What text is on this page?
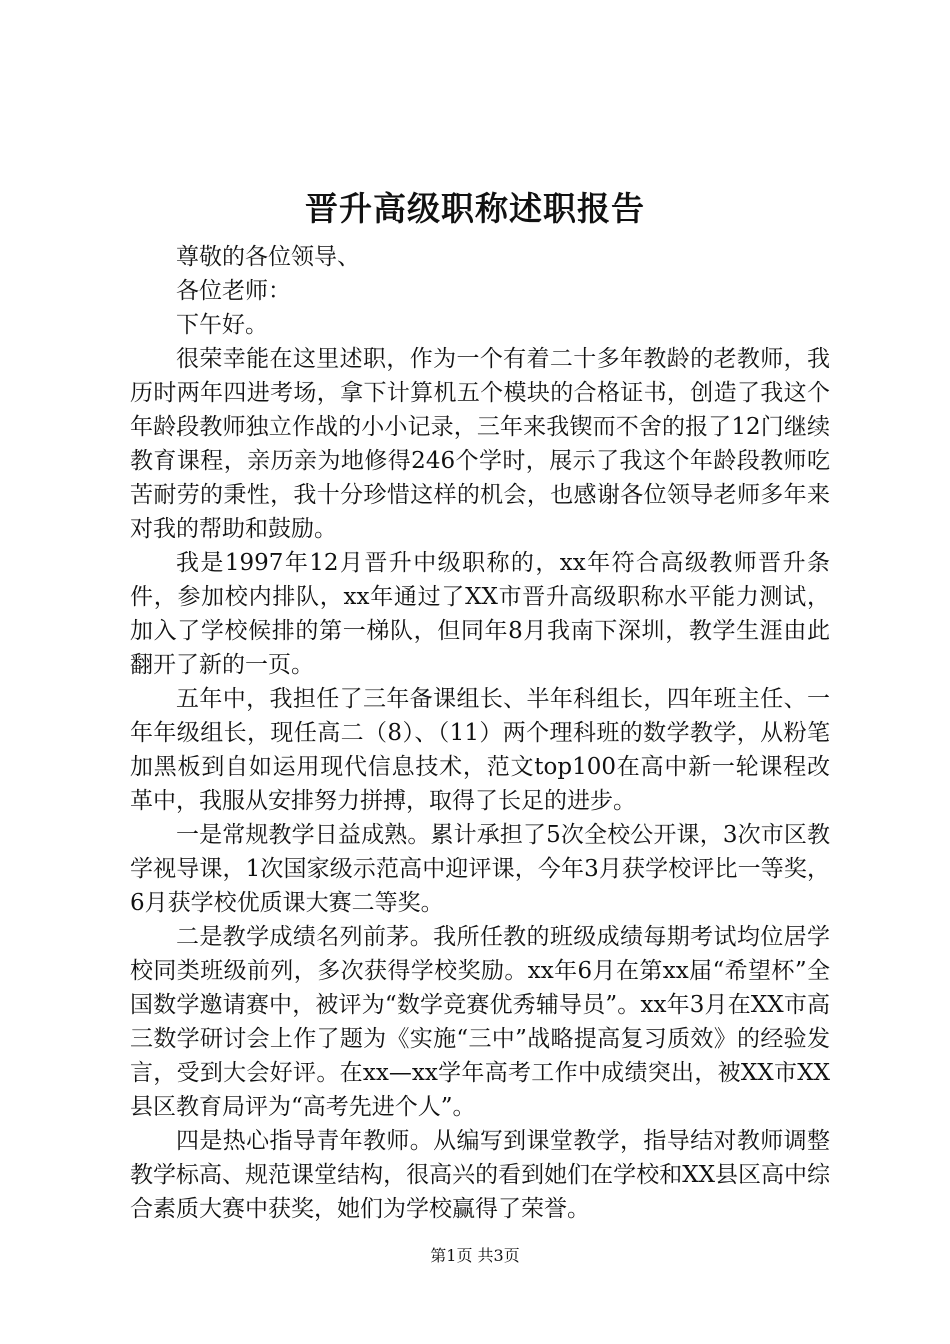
晋升高级职称述职报告

尊敬的各位领导、

各位老师：

下午好。

很荣幸能在这里述职，作为一个有着二十多年教龄的老教师，我历时两年四进考场，拿下计算机五个模块的合格证书，创造了我这个年龄段教师独立作战的小小记录，三年来我锲而不舍的报了12门继续教育课程，亲历亲为地修得246个学时，展示了我这个年龄段教师吃苦耐劳的秉性，我十分珍惜这样的机会，也感谢各位领导老师多年来对我的帮助和鼓励。

我是1997年12月晋升中级职称的，xx年符合高级教师晋升条件，参加校内排队，xx年通过了XX市晋升高级职称水平能力测试，加入了学校候排的第一梯队，但同年8月我南下深圳，教学生涯由此翻开了新的一页。

五年中，我担任了三年备课组长、半年科组长，四年班主任、一年年级组长，现任高二（8）、（11）两个理科班的数学教学，从粉笔加黑板到自如运用现代信息技术，范文top100在高中新一轮课程改革中，我服从安排努力拼搏，取得了长足的进步。

一是常规教学日益成熟。累计承担了5次全校公开课，3次市区教学视导课，1次国家级示范高中迎评课，今年3月获学校评比一等奖，6月获学校优质课大赛二等奖。

二是教学成绩名列前茅。我所任教的班级成绩每期考试均位居学校同类班级前列，多次获得学校奖励。xx年6月在第xx届“希望杯”全国数学邀请赛中，被评为“数学竞赛优秀辅导员”。xx年3月在XX市高三数学研讨会上作了题为《实施“三中”战略提高复习质效》的经验发言，受到大会好评。在xx—xx学年高考工作中成绩突出，被XX市XX县区教育局评为“高考先进个人”。

四是热心指导青年教师。从编写到课堂教学，指导结对教师调整教学标高、规范课堂结构，很高兴的看到她们在学校和XX县区高中综合素质大赛中获奖，她们为学校赢得了荣誉。

第1页 共3页
